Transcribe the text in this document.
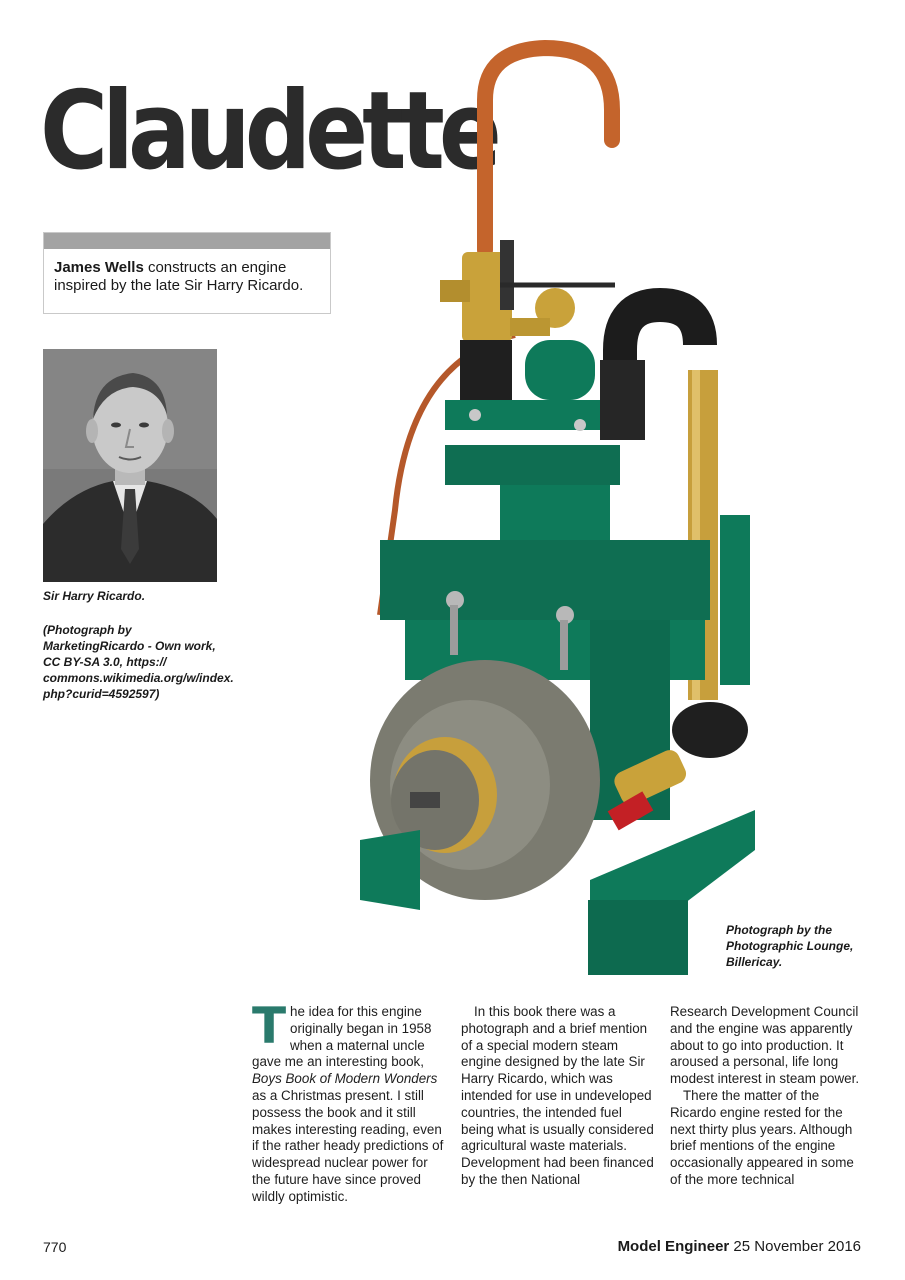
Claudette

James Wells constructs an engine inspired by the late Sir Harry Ricardo.

Sir Harry Ricardo.
(Photograph by MarketingRicardo - Own work, CC BY-SA 3.0, https:// commons.wikimedia.org/w/index. php?curid=4592597)
Photograph by the Photographic Lounge, Billericay.

The idea for this engine originally began in 1958 when a maternal uncle gave me an interesting book, Boys Book of Modern Wonders as a Christmas present. I still possess the book and it still makes interesting reading, even if the rather heady predictions of widespread nuclear power for the future have since proved wildly optimistic.

In this book there was a photograph and a brief mention of a special modern steam engine designed by the late Sir Harry Ricardo, which was intended for use in undeveloped countries, the intended fuel being what is usually considered agricultural waste materials. Development had been financed by the then National

Research Development Council and the engine was apparently about to go into production. It aroused a personal, life long modest interest in steam power.

There the matter of the Ricardo engine rested for the next thirty plus years. Although brief mentions of the engine occasionally appeared in some of the more technical

770	Model Engineer 25 November 2016
